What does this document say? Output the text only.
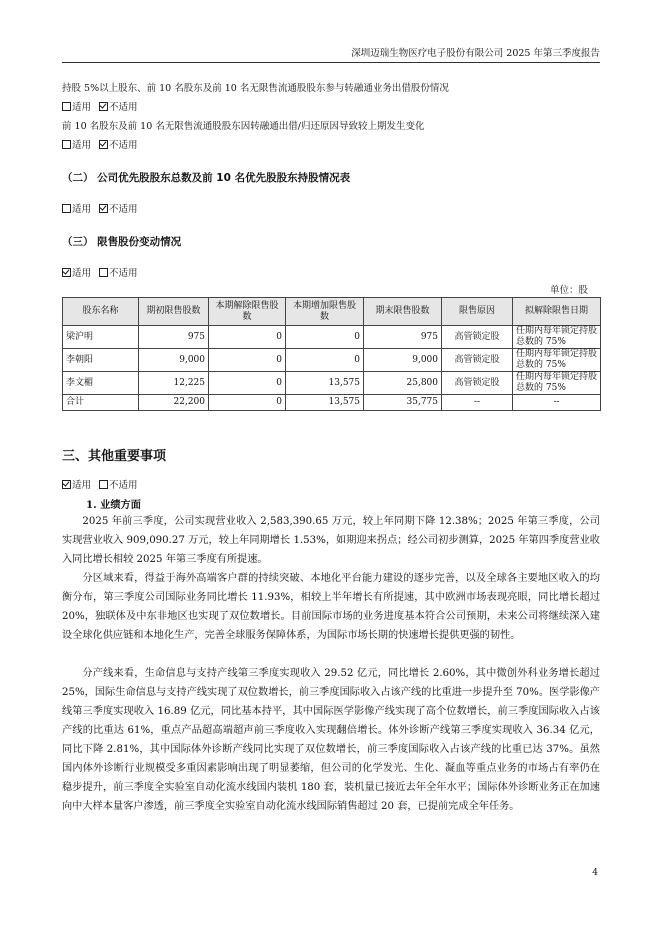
深圳迈瑞生物医疗电子股份有限公司 2025 年第三季度报告
持股 5%以上股东、前 10 名股东及前 10 名无限售流通股股东参与转融通业务出借股份情况
适用 不适用
前 10 名股东及前 10 名无限售流通股股东因转融通出借/归还原因导致较上期发生变化
适用 不适用
（二） 公司优先股股东总数及前 10 名优先股股东持股情况表
适用 不适用
（三） 限售股份变动情况
适用 不适用
单位：股
股东名称	期初限售股数	本期解除限售股数	本期增加限售股数	期末限售股数	限售原因	拟解除限售日期
梁沪明	975	0	0	975	高管锁定股	任期内每年锁定持股总数的 75%
李朝阳	9,000	0	0	9,000	高管锁定股	任期内每年锁定持股总数的 75%
李文楣	12,225	0	13,575	25,800	高管锁定股	任期内每年锁定持股总数的 75%
合计	22,200	0	13,575	35,775	--	--
三、其他重要事项
适用 不适用
1. 业绩方面

2025 年前三季度，公司实现营业收入 2,583,390.65 万元，较上年同期下降 12.38%；2025 年第三季度，公司实现营业收入 909,090.27 万元，较上年同期增长 1.53%，如期迎来拐点；经公司初步测算，2025 年第四季度营业收入同比增长相较 2025 年第三季度有所提速。

分区域来看，得益于海外高端客户群的持续突破、本地化平台能力建设的逐步完善，以及全球各主要地区收入的均衡分布，第三季度公司国际业务同比增长 11.93%，相较上半年增长有所提速，其中欧洲市场表现亮眼，同比增长超过 20%，独联体及中东非地区也实现了双位数增长。目前国际市场的业务进度基本符合公司预期，未来公司将继续深入建设全球化供应链和本地化生产，完善全球服务保障体系，为国际市场长期的快速增长提供更强的韧性。

分产线来看，生命信息与支持产线第三季度实现收入 29.52 亿元，同比增长 2.60%，其中微创外科业务增长超过 25%，国际生命信息与支持产线实现了双位数增长，前三季度国际收入占该产线的比重进一步提升至 70%。医学影像产线第三季度实现收入 16.89 亿元，同比基本持平，其中国际医学影像产线实现了高个位数增长，前三季度国际收入占该产线的比重达 61%，重点产品超高端超声前三季度收入实现翻倍增长。体外诊断产线第三季度实现收入 36.34 亿元，同比下降 2.81%，其中国际体外诊断产线同比实现了双位数增长，前三季度国际收入占该产线的比重已达 37%。虽然国内体外诊断行业规模受多重因素影响出现了明显萎缩，但公司的化学发光、生化、凝血等重点业务的市场占有率仍在稳步提升，前三季度全实验室自动化流水线国内装机 180 套，装机量已接近去年全年水平；国际体外诊断业务正在加速向中大样本量客户渗透，前三季度全实验室自动化流水线国际销售超过 20 套，已提前完成全年任务。

4
